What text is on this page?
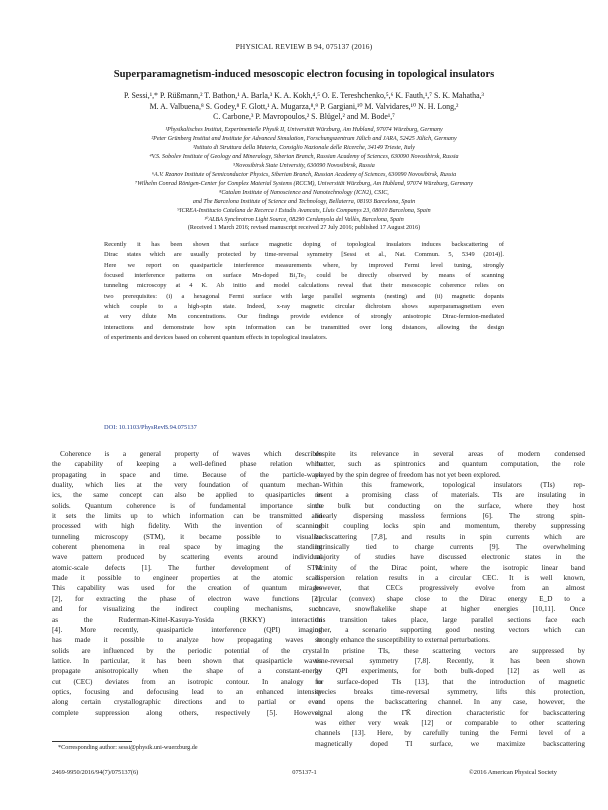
PHYSICAL REVIEW B 94, 075137 (2016)
Superparamagnetism-induced mesoscopic electron focusing in topological insulators
P. Sessi,¹,* P. Rüßmann,² T. Bathon,¹ A. Barla,³ K. A. Kokh,⁴,⁵ O. E. Tereshchenko,⁵,⁶ K. Fauth,¹,⁷ S. K. Mahatha,³
M. A. Valbuena,⁸ S. Godey,⁸ F. Glott,¹ A. Mugarza,⁸,⁹ P. Gargiani,¹⁰ M. Valvidares,¹⁰ N. H. Long,²
C. Carbone,³ P. Mavropoulos,² S. Blügel,² and M. Bode¹,⁷
¹Physikalisches Institut, Experimentelle Physik II, Universität Würzburg, Am Hubland, 97074 Würzburg, Germany
²Peter Grünberg Institut and Institute for Advanced Simulation, Forschungszentrum Jülich and JARA, 52425 Jülich, Germany
³Istituto di Struttura della Materia, Consiglio Nazionale delle Ricerche, 34149 Trieste, Italy
⁴V.S. Sobolev Institute of Geology and Mineralogy, Siberian Branch, Russian Academy of Sciences, 630090 Novosibirsk, Russia
⁵Novosibirsk State University, 630090 Novosibirsk, Russia
⁶A.V. Rzanov Institute of Semiconductor Physics, Siberian Branch, Russian Academy of Sciences, 630090 Novosibirsk, Russia
⁷Wilhelm Conrad Röntgen-Center for Complex Material Systems (RCCM), Universität Würzburg, Am Hubland, 97074 Würzburg, Germany
⁸Catalan Institute of Nanoscience and Nanotechnology (ICN2), CSIC,
and The Barcelona Institute of Science and Technology, Bellaterra, 08193 Barcelona, Spain
⁹ICREA-Institucio Catalana de Recerca i Estudis Avancats, Lluis Companys 23, 08010 Barcelona, Spain
¹⁰ALBA Synchrotron Light Source, 08290 Cerdanyola del Vallès, Barcelona, Spain
(Received 1 March 2016; revised manuscript received 27 July 2016; published 17 August 2016)
Recently it has been shown that surface magnetic doping of topological insulators induces backscattering of
Dirac states which are usually protected by time-reversal symmetry [Sessi et al., Nat. Commun. 5, 5349 (2014)].
Here we report on quasiparticle interference measurements where, by improved Fermi level tuning, strongly
focused interference patterns on surface Mn-doped Bi₂Te₃ could be directly observed by means of scanning
tunneling microscopy at 4 K. Ab initio and model calculations reveal that their mesoscopic coherence relies on
two prerequisites: (i) a hexagonal Fermi surface with large parallel segments (nesting) and (ii) magnetic dopants
which couple to a high-spin state. Indeed, x-ray magnetic circular dichroism shows superparamagnetism even
at very dilute Mn concentrations. Our findings provide evidence of strongly anisotropic Dirac-fermion-mediated
interactions and demonstrate how spin information can be transmitted over long distances, allowing the design
of experiments and devices based on coherent quantum effects in topological insulators.
DOI: 10.1103/PhysRevB.94.075137
Coherence is a general property of waves which describes
the capability of keeping a well-defined phase relation while
propagating in space and time. Because of the particle-wave
duality, which lies at the very foundation of quantum mechan-
ics, the same concept can also be applied to quasiparticles in
solids. Quantum coherence is of fundamental importance since
it sets the limits up to which information can be transmitted and
processed with high fidelity. With the invention of scanning
tunneling microscopy (STM), it became possible to visualize
coherent phenomena in real space by imaging the standing
wave pattern produced by scattering events around individual
atomic-scale defects [1]. The further development of STM
made it possible to engineer properties at the atomic scale.
This capability was used for the creation of quantum mirages
[2], for extracting the phase of electron wave functions [3],
and for visualizing the indirect coupling mechanisms, such
as the Ruderman-Kittel-Kasuya-Yosida (RKKY) interaction
[4]. More recently, quasiparticle interference (QPI) imaging
has made it possible to analyze how propagating waves in
solids are influenced by the periodic potential of the crystal
lattice. In particular, it has been shown that quasiparticle waves
propagate anisotropically when the shape of a constant-energy
cut (CEC) deviates from an isotropic contour. In analogy to
optics, focusing and defocusing lead to an enhanced intensity
along certain crystallographic directions and to partial or even
complete suppression along others, respectively [5]. However,
despite its relevance in several areas of modern condensed
matter, such as spintronics and quantum computation, the role
played by the spin degree of freedom has not yet been explored.
Within this framework, topological insulators (TIs) rep-
resent a promising class of materials. TIs are insulating in
the bulk but conducting on the surface, where they host
linearly dispersing massless fermions [6]. The strong spin-
orbit coupling locks spin and momentum, thereby suppressing
backscattering [7,8], and results in spin currents which are
intrinsically tied to charge currents [9]. The overwhelming
majority of studies have discussed electronic states in the
vicinity of the Dirac point, where the isotropic linear band
dispersion relation results in a circular CEC. It is well known,
however, that CECs progressively evolve from an almost
circular (convex) shape close to the Dirac energy E_D to a
concave, snowflakelike shape at higher energies [10,11]. Once
this transition takes place, large parallel sections face each
other, a scenario supporting good nesting vectors which can
strongly enhance the susceptibility to external perturbations.
In pristine TIs, these scattering vectors are suppressed by
time-reversal symmetry [7,8]. Recently, it has been shown
by QPI experiments, for both bulk-doped [12] as well as
for surface-doped TIs [13], that the introduction of magnetic
species breaks time-reversal symmetry, lifts this protection,
and opens the backscattering channel. In any case, however, the
signal along the Γ̄K̄ direction characteristic for backscattering
was either very weak [12] or comparable to other scattering
channels [13]. Here, by carefully tuning the Fermi level of a
magnetically doped TI surface, we maximize backscattering
*Corresponding author: sessi@physik.uni-wuerzburg.de
2469-9950/2016/94(7)/075137(6)	075137-1	©2016 American Physical Society
